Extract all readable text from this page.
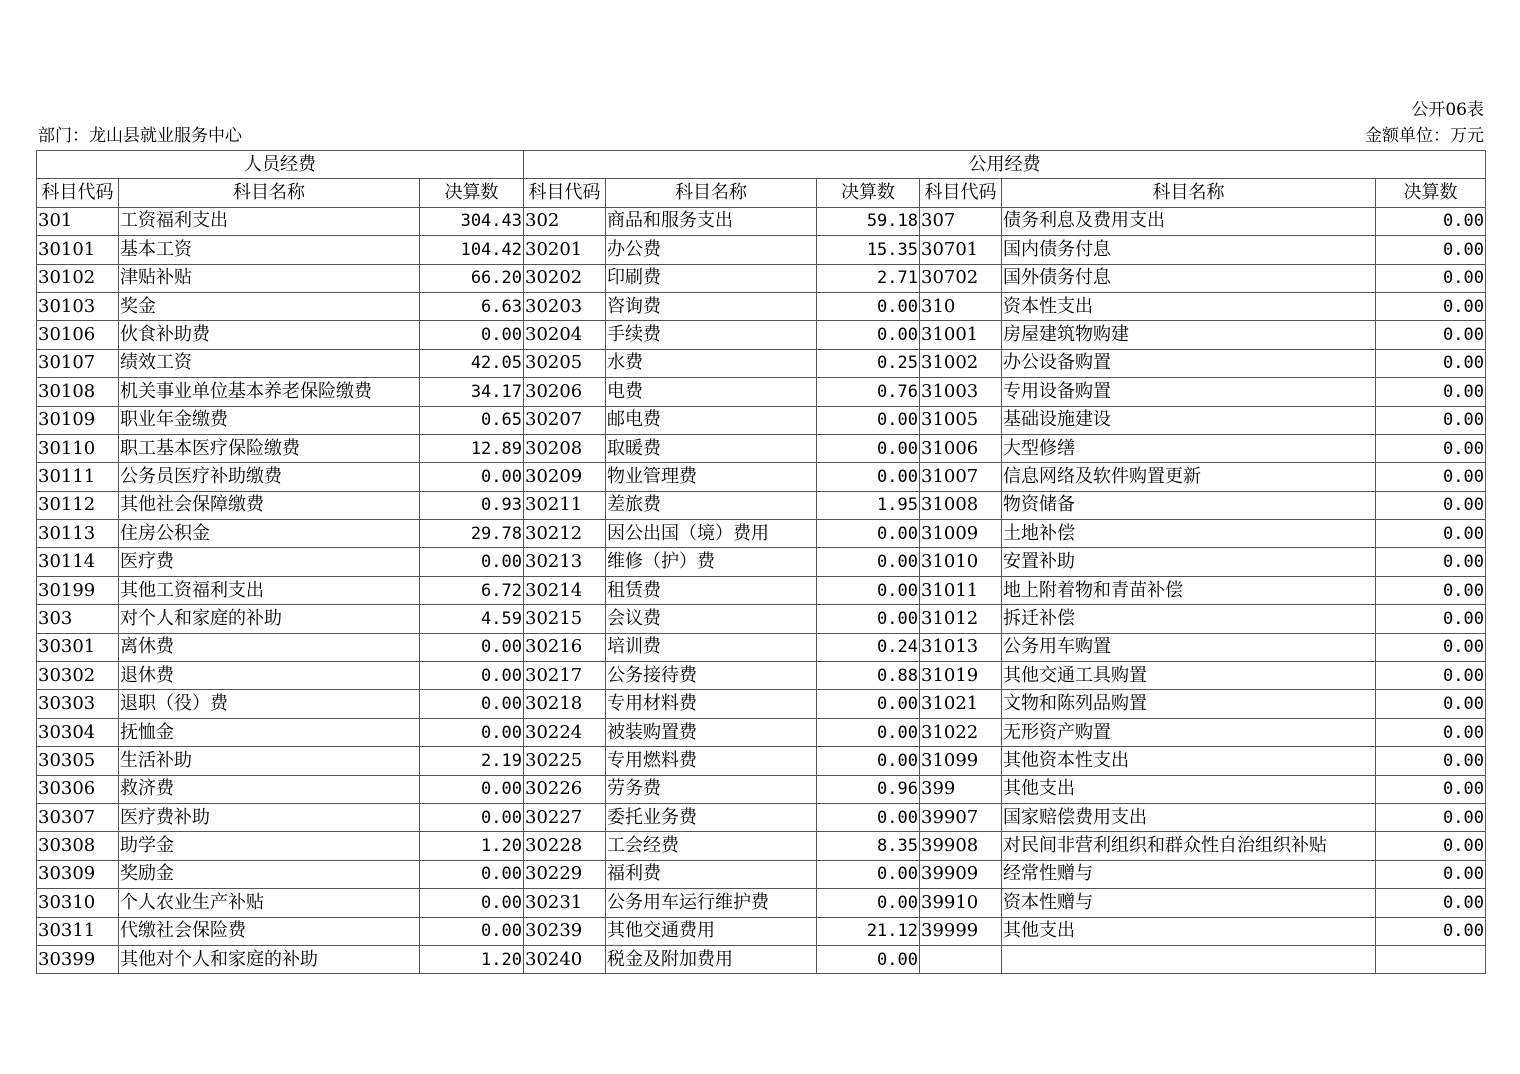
公开06表
部门：龙山县就业服务中心	金额单位：万元
人员经费			公用经费					
科目代码	科目名称	决算数	科目代码	科目名称	决算数	科目代码	科目名称	决算数
301	工资福利支出	304.43	302	商品和服务支出	59.18	307	债务利息及费用支出	0.00
30101	基本工资	104.42	30201	办公费	15.35	30701	国内债务付息	0.00
30102	津贴补贴	66.20	30202	印刷费	2.71	30702	国外债务付息	0.00
30103	奖金	6.63	30203	咨询费	0.00	310	资本性支出	0.00
30106	伙食补助费	0.00	30204	手续费	0.00	31001	房屋建筑物购建	0.00
30107	绩效工资	42.05	30205	水费	0.25	31002	办公设备购置	0.00
30108	机关事业单位基本养老保险缴费	34.17	30206	电费	0.76	31003	专用设备购置	0.00
30109	职业年金缴费	0.65	30207	邮电费	0.00	31005	基础设施建设	0.00
30110	职工基本医疗保险缴费	12.89	30208	取暖费	0.00	31006	大型修缮	0.00
30111	公务员医疗补助缴费	0.00	30209	物业管理费	0.00	31007	信息网络及软件购置更新	0.00
30112	其他社会保障缴费	0.93	30211	差旅费	1.95	31008	物资储备	0.00
30113	住房公积金	29.78	30212	因公出国（境）费用	0.00	31009	土地补偿	0.00
30114	医疗费	0.00	30213	维修（护）费	0.00	31010	安置补助	0.00
30199	其他工资福利支出	6.72	30214	租赁费	0.00	31011	地上附着物和青苗补偿	0.00
303	对个人和家庭的补助	4.59	30215	会议费	0.00	31012	拆迁补偿	0.00
30301	离休费	0.00	30216	培训费	0.24	31013	公务用车购置	0.00
30302	退休费	0.00	30217	公务接待费	0.88	31019	其他交通工具购置	0.00
30303	退职（役）费	0.00	30218	专用材料费	0.00	31021	文物和陈列品购置	0.00
30304	抚恤金	0.00	30224	被装购置费	0.00	31022	无形资产购置	0.00
30305	生活补助	2.19	30225	专用燃料费	0.00	31099	其他资本性支出	0.00
30306	救济费	0.00	30226	劳务费	0.96	399	其他支出	0.00
30307	医疗费补助	0.00	30227	委托业务费	0.00	39907	国家赔偿费用支出	0.00
30308	助学金	1.20	30228	工会经费	8.35	39908	对民间非营利组织和群众性自治组织补贴	0.00
30309	奖励金	0.00	30229	福利费	0.00	39909	经常性赠与	0.00
30310	个人农业生产补贴	0.00	30231	公务用车运行维护费	0.00	39910	资本性赠与	0.00
30311	代缴社会保险费	0.00	30239	其他交通费用	21.12	39999	其他支出	0.00
30399	其他对个人和家庭的补助	1.20	30240	税金及附加费用	0.00			
